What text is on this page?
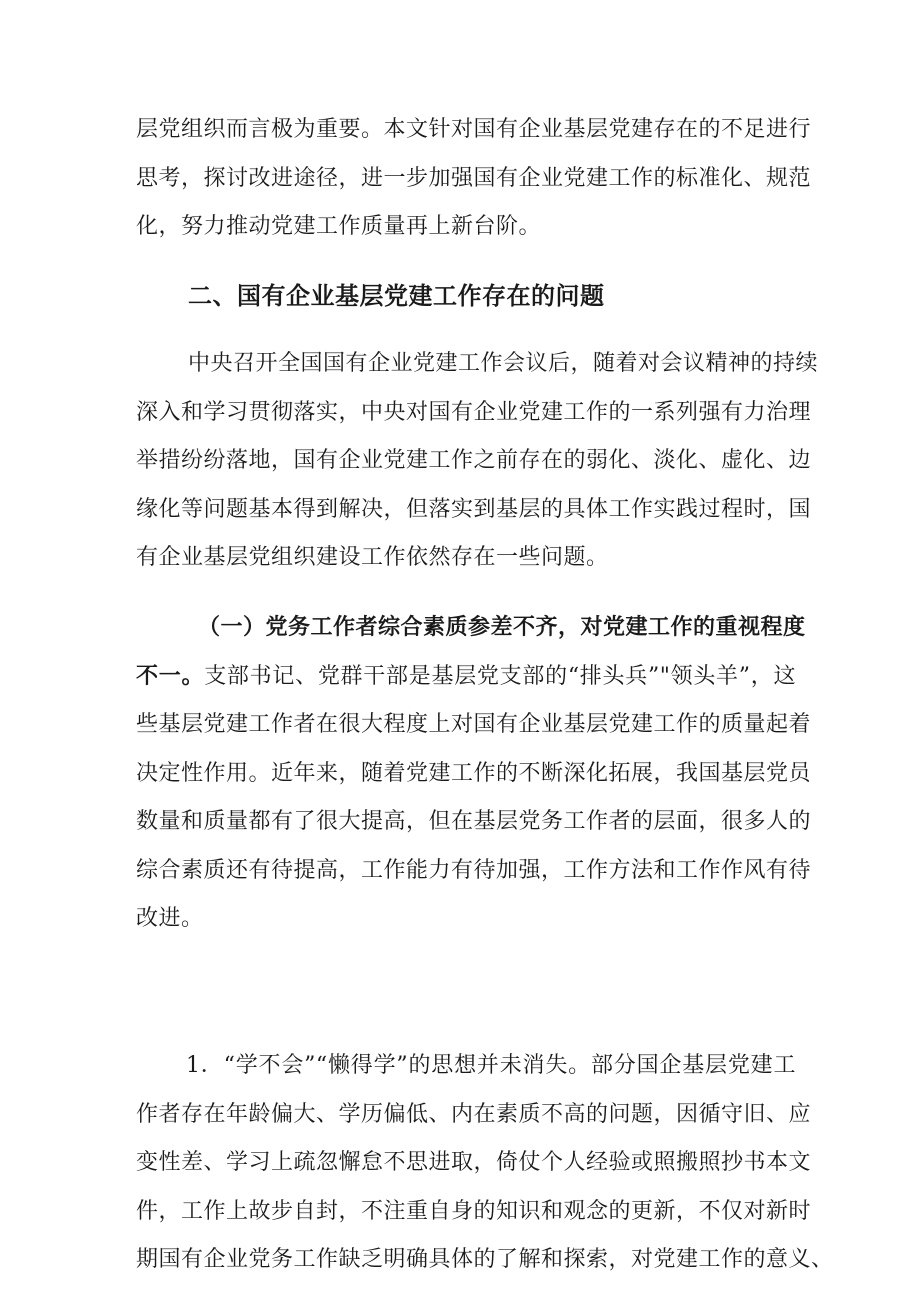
层党组织而言极为重要。本文针对国有企业基层党建存在的不足进行
思考，探讨改进途径，进一步加强国有企业党建工作的标准化、规范
化，努力推动党建工作质量再上新台阶。
二、国有企业基层党建工作存在的问题
中央召开全国国有企业党建工作会议后，随着对会议精神的持续
深入和学习贯彻落实，中央对国有企业党建工作的一系列强有力治理
举措纷纷落地，国有企业党建工作之前存在的弱化、淡化、虚化、边
缘化等问题基本得到解决，但落实到基层的具体工作实践过程时，国
有企业基层党组织建设工作依然存在一些问题。
（一）党务工作者综合素质参差不齐，对党建工作的重视程度
不一。支部书记、党群干部是基层党支部的“排头兵”"领头羊”，这
些基层党建工作者在很大程度上对国有企业基层党建工作的质量起着
决定性作用。近年来，随着党建工作的不断深化拓展，我国基层党员
数量和质量都有了很大提高，但在基层党务工作者的层面，很多人的
综合素质还有待提高，工作能力有待加强，工作方法和工作作风有待
改进。
1．“学不会”“懒得学”的思想并未消失。部分国企基层党建工
作者存在年龄偏大、学历偏低、内在素质不高的问题，因循守旧、应
变性差、学习上疏忽懈怠不思进取，倚仗个人经验或照搬照抄书本文
件，工作上故步自封，不注重自身的知识和观念的更新，不仅对新时
期国有企业党务工作缺乏明确具体的了解和探索，对党建工作的意义、
